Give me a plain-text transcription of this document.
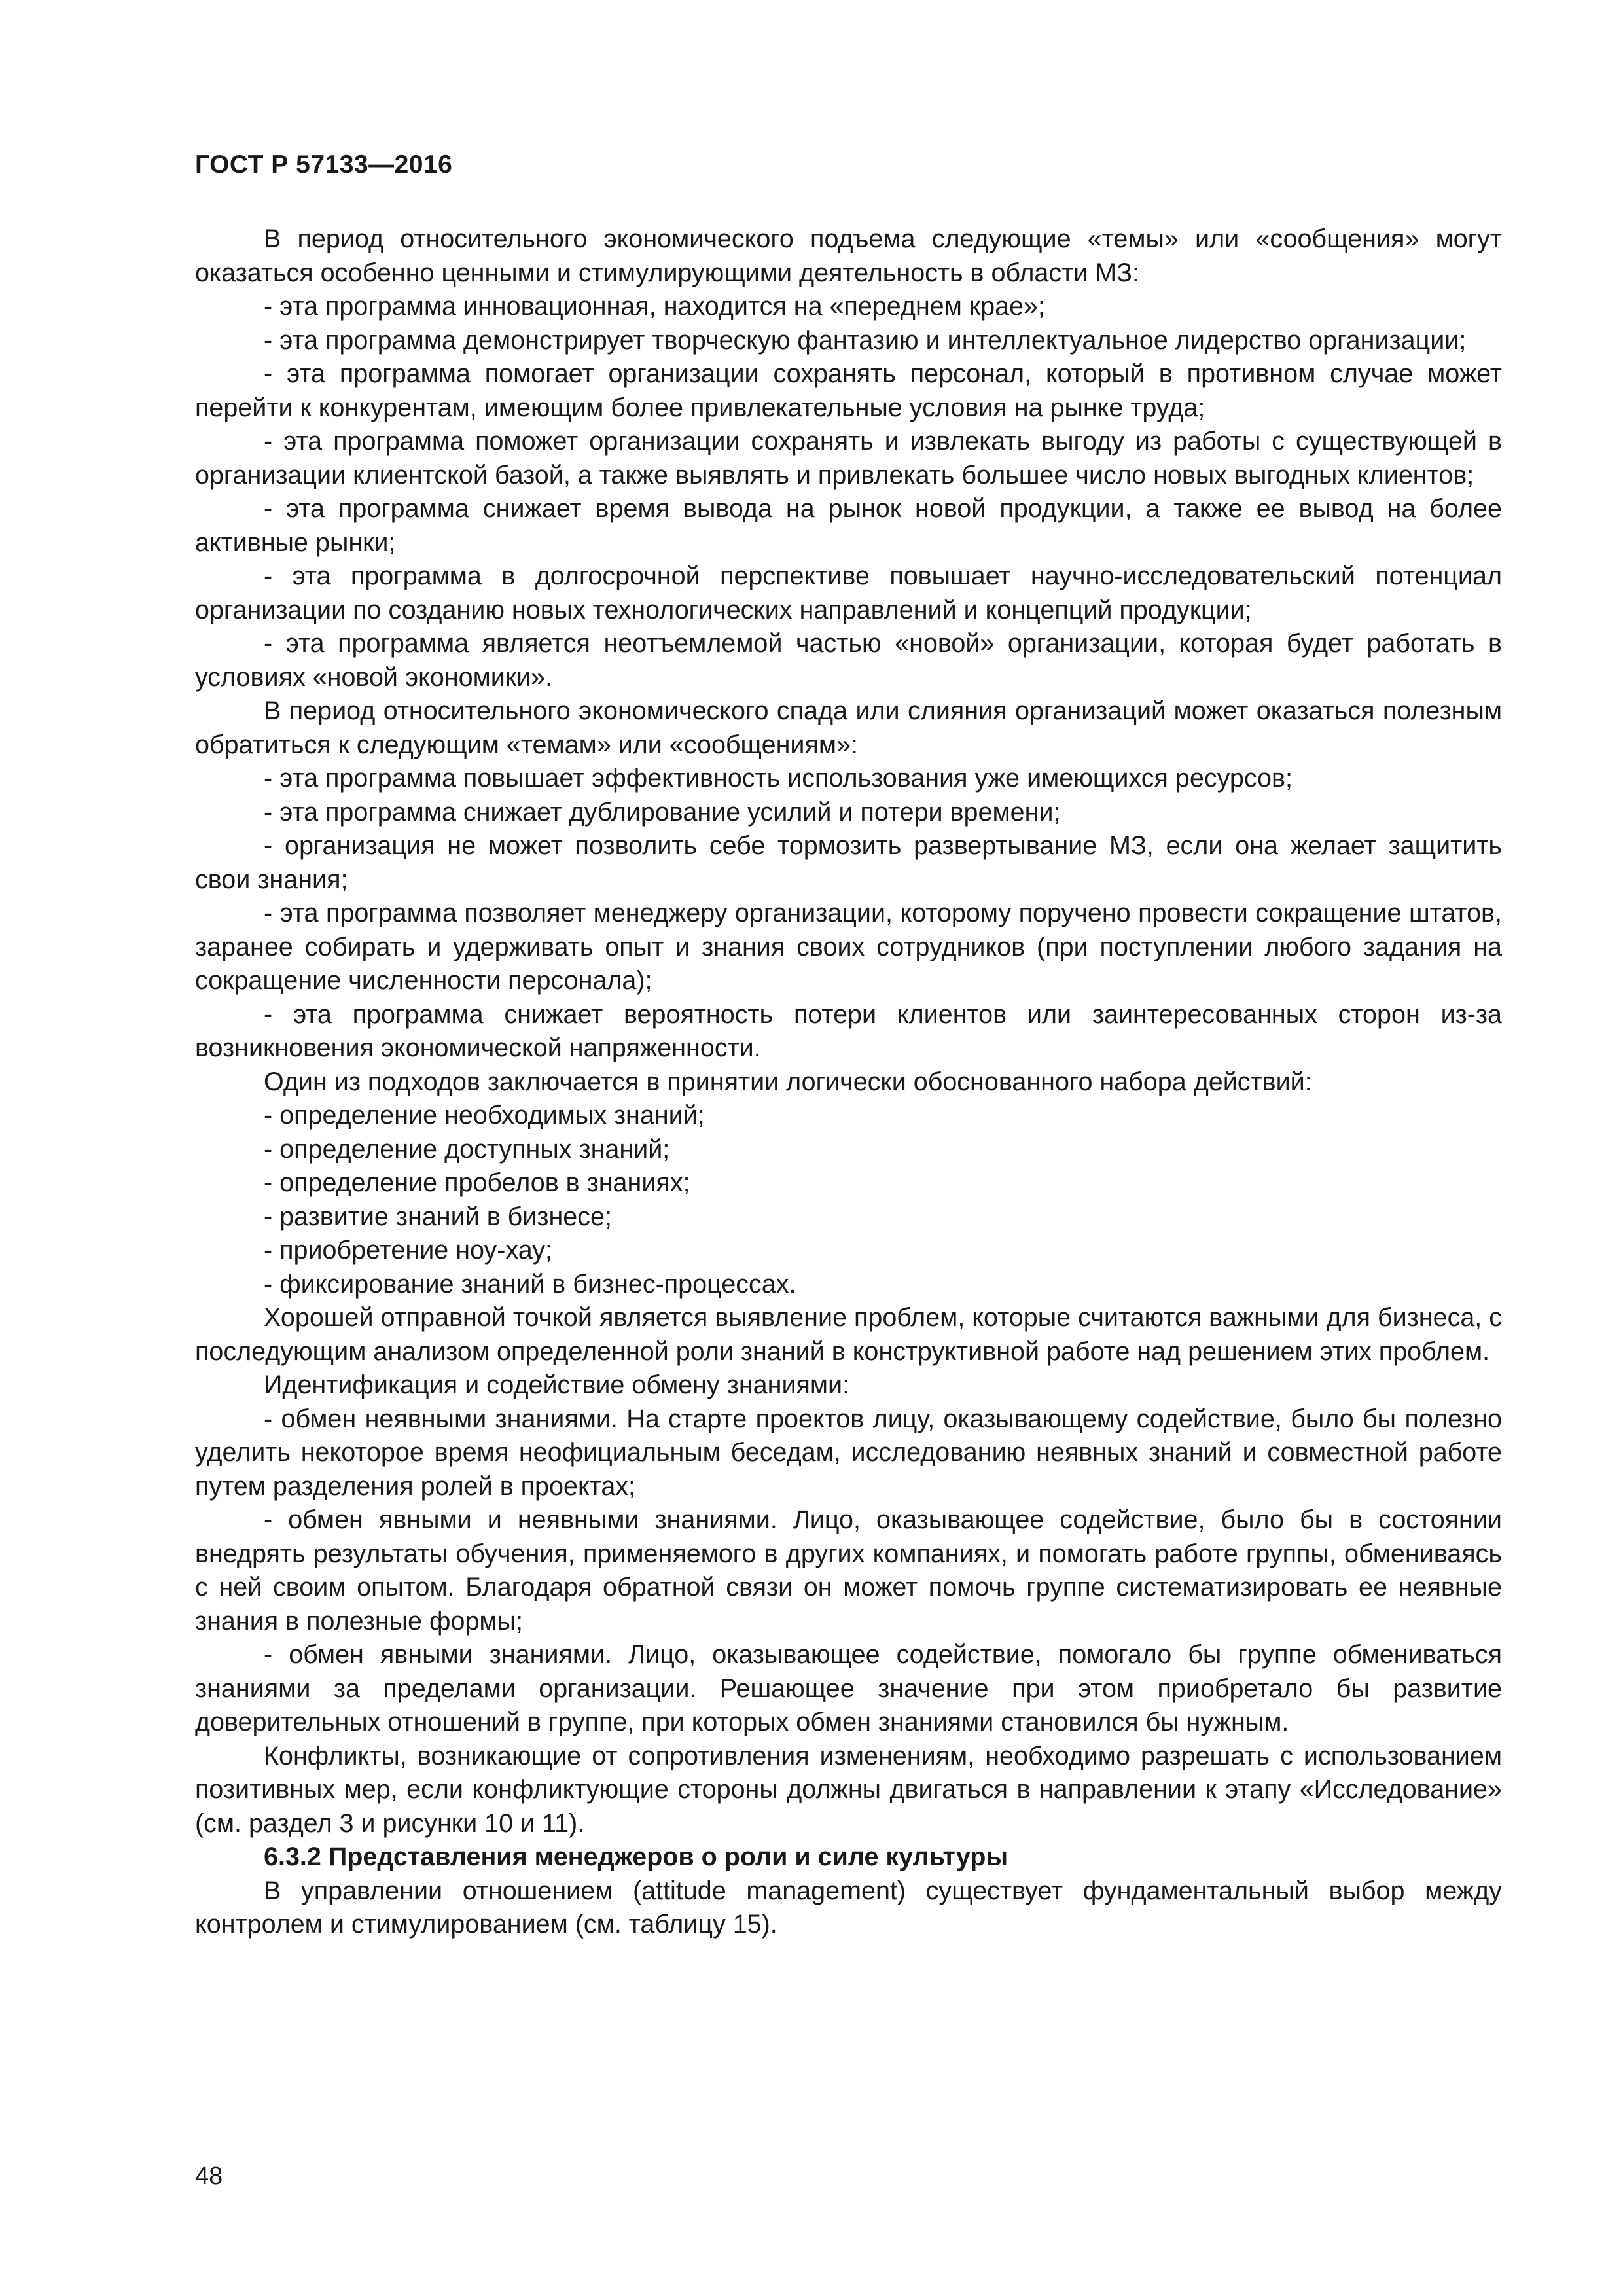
ГОСТ Р 57133—2016

В период относительного экономического подъема следующие «темы» или «сообщения» могут оказаться особенно ценными и стимулирующими деятельность в области МЗ:

- эта программа инновационная, находится на «переднем крае»;

- эта программа демонстрирует творческую фантазию и интеллектуальное лидерство организации;

- эта программа помогает организации сохранять персонал, который в противном случае может перейти к конкурентам, имеющим более привлекательные условия на рынке труда;

- эта программа поможет организации сохранять и извлекать выгоду из работы с существующей в организации клиентской базой, а также выявлять и привлекать большее число новых выгодных клиентов;

- эта программа снижает время вывода на рынок новой продукции, а также ее вывод на более активные рынки;

- эта программа в долгосрочной перспективе повышает научно-исследовательский потенциал организации по созданию новых технологических направлений и концепций продукции;

- эта программа является неотъемлемой частью «новой» организации, которая будет работать в условиях «новой экономики».

В период относительного экономического спада или слияния организаций может оказаться полезным обратиться к следующим «темам» или «сообщениям»:

- эта программа повышает эффективность использования уже имеющихся ресурсов;

- эта программа снижает дублирование усилий и потери времени;

- организация не может позволить себе тормозить развертывание МЗ, если она желает защитить свои знания;

- эта программа позволяет менеджеру организации, которому поручено провести сокращение штатов, заранее собирать и удерживать опыт и знания своих сотрудников (при поступлении любого задания на сокращение численности персонала);

- эта программа снижает вероятность потери клиентов или заинтересованных сторон из-за возникновения экономической напряженности.

Один из подходов заключается в принятии логически обоснованного набора действий:

- определение необходимых знаний;

- определение доступных знаний;

- определение пробелов в знаниях;

- развитие знаний в бизнесе;

- приобретение ноу-хау;

- фиксирование знаний в бизнес-процессах.

Хорошей отправной точкой является выявление проблем, которые считаются важными для бизнеса, с последующим анализом определенной роли знаний в конструктивной работе над решением этих проблем.

Идентификация и содействие обмену знаниями:

- обмен неявными знаниями. На старте проектов лицу, оказывающему содействие, было бы полезно уделить некоторое время неофициальным беседам, исследованию неявных знаний и совместной работе путем разделения ролей в проектах;

- обмен явными и неявными знаниями. Лицо, оказывающее содействие, было бы в состоянии внедрять результаты обучения, применяемого в других компаниях, и помогать работе группы, обмениваясь с ней своим опытом. Благодаря обратной связи он может помочь группе систематизировать ее неявные знания в полезные формы;

- обмен явными знаниями. Лицо, оказывающее содействие, помогало бы группе обмениваться знаниями за пределами организации. Решающее значение при этом приобретало бы развитие доверительных отношений в группе, при которых обмен знаниями становился бы нужным.

Конфликты, возникающие от сопротивления изменениям, необходимо разрешать с использованием позитивных мер, если конфликтующие стороны должны двигаться в направлении к этапу «Исследование» (см. раздел 3 и рисунки 10 и 11).

6.3.2 Представления менеджеров о роли и силе культуры

В управлении отношением (attitude management) существует фундаментальный выбор между контролем и стимулированием (см. таблицу 15).

48
